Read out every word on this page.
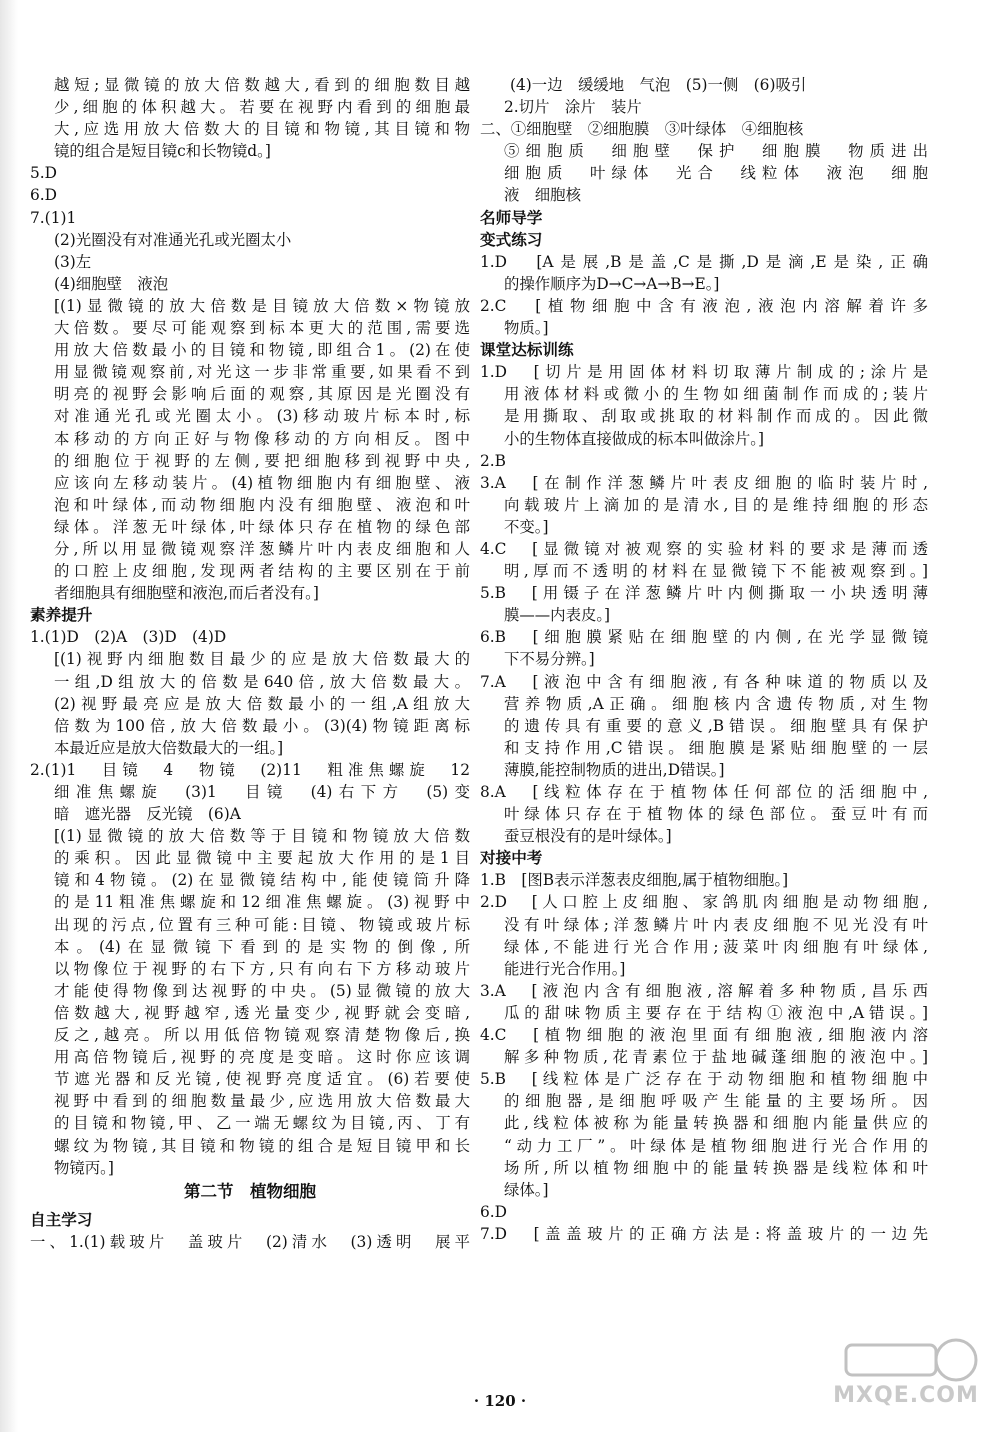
越短;显微镜的放大倍数越大,看到的细胞数目越
少,细胞的体积越大。若要在视野内看到的细胞最
大,应选用放大倍数大的目镜和物镜,其目镜和物
镜的组合是短目镜c和长物镜d。]
5.D
6.D
7.(1)1
(2)光圈没有对准通光孔或光圈太小
(3)左
(4)细胞壁　液泡
[(1)显微镜的放大倍数是目镜放大倍数×物镜放
大倍数。要尽可能观察到标本更大的范围,需要选
用放大倍数最小的目镜和物镜,即组合1。(2)在使
用显微镜观察前,对光这一步非常重要,如果看不到
明亮的视野会影响后面的观察,其原因是光圈没有
对准通光孔或光圈太小。(3)移动玻片标本时,标
本移动的方向正好与物像移动的方向相反。图中
的细胞位于视野的左侧,要把细胞移到视野中央,
应该向左移动装片。(4)植物细胞内有细胞壁、液
泡和叶绿体,而动物细胞内没有细胞壁、液泡和叶
绿体。洋葱无叶绿体,叶绿体只存在植物的绿色部
分,所以用显微镜观察洋葱鳞片叶内表皮细胞和人
的口腔上皮细胞,发现两者结构的主要区别在于前
者细胞具有细胞壁和液泡,而后者没有。]
素养提升
1.(1)D　(2)A　(3)D　(4)D
[(1)视野内细胞数目最少的应是放大倍数最大的
一组,D组放大的倍数是640倍,放大倍数最大。
(2)视野最亮应是放大倍数最小的一组,A组放大
倍数为100倍,放大倍数最小。(3)(4)物镜距离标
本最近应是放大倍数最大的一组。]
2.(1)1　目镜　4　物镜　(2)11　粗准焦螺旋　12
细准焦螺旋　(3)1　目镜　(4)右下方　(5)变
暗　遮光器　反光镜　(6)A
[(1)显微镜的放大倍数等于目镜和物镜放大倍数
的乘积。因此显微镜中主要起放大作用的是1目
镜和4物镜。(2)在显微镜结构中,能使镜筒升降
的是11粗准焦螺旋和12细准焦螺旋。(3)视野中
出现的污点,位置有三种可能:目镜、物镜或玻片标
本。(4)在显微镜下看到的是实物的倒像,所
以物像位于视野的右下方,只有向右下方移动玻片
才能使得物像到达视野的中央。(5)显微镜的放大
倍数越大,视野越窄,透光量变少,视野就会变暗,
反之,越亮。所以用低倍物镜观察清楚物像后,换
用高倍物镜后,视野的亮度是变暗。这时你应该调
节遮光器和反光镜,使视野亮度适宜。(6)若要使
视野中看到的细胞数量最少,应选用放大倍数最大
的目镜和物镜,甲、乙一端无螺纹为目镜,丙、丁有
螺纹为物镜,其目镜和物镜的组合是短目镜甲和长
物镜丙。]
第二节　植物细胞
自主学习
一、1.(1)载玻片　盖玻片　(2)清水　(3)透明　展平
(4)一边　缓缓地　气泡　(5)一侧　(6)吸引
2.切片　涂片　装片
二、①细胞壁　②细胞膜　③叶绿体　④细胞核
⑤细胞质　细胞壁　保护　细胞膜　物质进出
细胞质　叶绿体　光合　线粒体　液泡　细胞
液　细胞核
名师导学
变式练习
1.D　[A是展,B是盖,C是撕,D是滴,E是染,正确
的操作顺序为D→C→A→B→E。]
2.C　[植物细胞中含有液泡,液泡内溶解着许多
物质。]
课堂达标训练
1.D　[切片是用固体材料切取薄片制成的;涂片是
用液体材料或微小的生物如细菌制作而成的;装片
是用撕取、刮取或挑取的材料制作而成的。因此微
小的生物体直接做成的标本叫做涂片。]
2.B
3.A　[在制作洋葱鳞片叶表皮细胞的临时装片时,
向载玻片上滴加的是清水,目的是维持细胞的形态
不变。]
4.C　[显微镜对被观察的实验材料的要求是薄而透
明,厚而不透明的材料在显微镜下不能被观察到。]
5.B　[用镊子在洋葱鳞片叶内侧撕取一小块透明薄
膜——内表皮。]
6.B　[细胞膜紧贴在细胞壁的内侧,在光学显微镜
下不易分辨。]
7.A　[液泡中含有细胞液,有各种味道的物质以及
营养物质,A正确。细胞核内含遗传物质,对生物
的遗传具有重要的意义,B错误。细胞壁具有保护
和支持作用,C错误。细胞膜是紧贴细胞壁的一层
薄膜,能控制物质的进出,D错误。]
8.A　[线粒体存在于植物体任何部位的活细胞中,
叶绿体只存在于植物体的绿色部位。蚕豆叶有而
蚕豆根没有的是叶绿体。]
对接中考
1.B　[图B表示洋葱表皮细胞,属于植物细胞。]
2.D　[人口腔上皮细胞、家鸽肌肉细胞是动物细胞,
没有叶绿体;洋葱鳞片叶内表皮细胞不见光没有叶
绿体,不能进行光合作用;菠菜叶肉细胞有叶绿体,
能进行光合作用。]
3.A　[液泡内含有细胞液,溶解着多种物质,昌乐西
瓜的甜味物质主要存在于结构①液泡中,A错误。]
4.C　[植物细胞的液泡里面有细胞液,细胞液内溶
解多种物质,花青素位于盐地碱蓬细胞的液泡中。]
5.B　[线粒体是广泛存在于动物细胞和植物细胞中
的细胞器,是细胞呼吸产生能量的主要场所。因
此,线粒体被称为能量转换器和细胞内能量供应的
“动力工厂”。叶绿体是植物细胞进行光合作用的
场所,所以植物细胞中的能量转换器是线粒体和叶
绿体。]
6.D
7.D　[盖盖玻片的正确方法是:将盖玻片的一边先
· 120 ·	MXQE.COM
